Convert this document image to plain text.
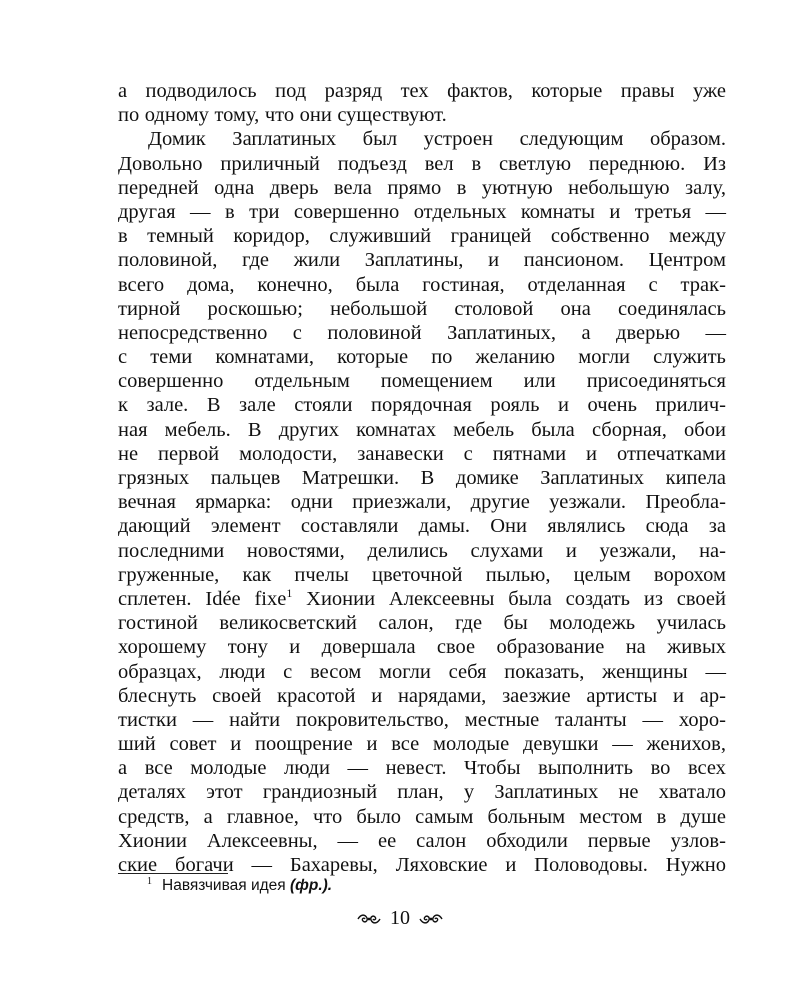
а подводилось под разряд тех фактов, которые правы уже
по одному тому, что они существуют.
Домик Заплатиных был устроен следующим образом.
Довольно приличный подъезд вел в светлую переднюю. Из
передней одна дверь вела прямо в уютную небольшую залу,
другая — в три совершенно отдельных комнаты и третья —
в темный коридор, служивший границей собственно между
половиной, где жили Заплатины, и пансионом. Центром
всего дома, конечно, была гостиная, отделанная с трак-
тирной роскошью; небольшой столовой она соединялась
непосредственно с половиной Заплатиных, а дверью —
с теми комнатами, которые по желанию могли служить
совершенно отдельным помещением или присоединяться
к зале. В зале стояли порядочная рояль и очень прилич-
ная мебель. В других комнатах мебель была сборная, обои
не первой молодости, занавески с пятнами и отпечатками
грязных пальцев Матрешки. В домике Заплатиных кипела
вечная ярмарка: одни приезжали, другие уезжали. Преобла-
дающий элемент составляли дамы. Они являлись сюда за
последними новостями, делились слухами и уезжали, на-
груженные, как пчелы цветочной пылью, целым ворохом
сплетен. Idée fixe$^1$ Хионии Алексеевны была создать из своей
гостиной великосветский салон, где бы молодежь училась
хорошему тону и довершала свое образование на живых
образцах, люди с весом могли себя показать, женщины —
блеснуть своей красотой и нарядами, заезжие артисты и ар-
тистки — найти покровительство, местные таланты — хоро-
ший совет и поощрение и все молодые девушки — женихов,
а все молодые люди — невест. Чтобы выполнить во всех
деталях этот грандиозный план, у Заплатиных не хватало
средств, а главное, что было самым больным местом в душе
Хионии Алексеевны, — ее салон обходили первые узлов-
ские богачи — Бахаревы, Ляховские и Половодовы. Нужно
$^1$ Навязчивая идея (фр.).
10
